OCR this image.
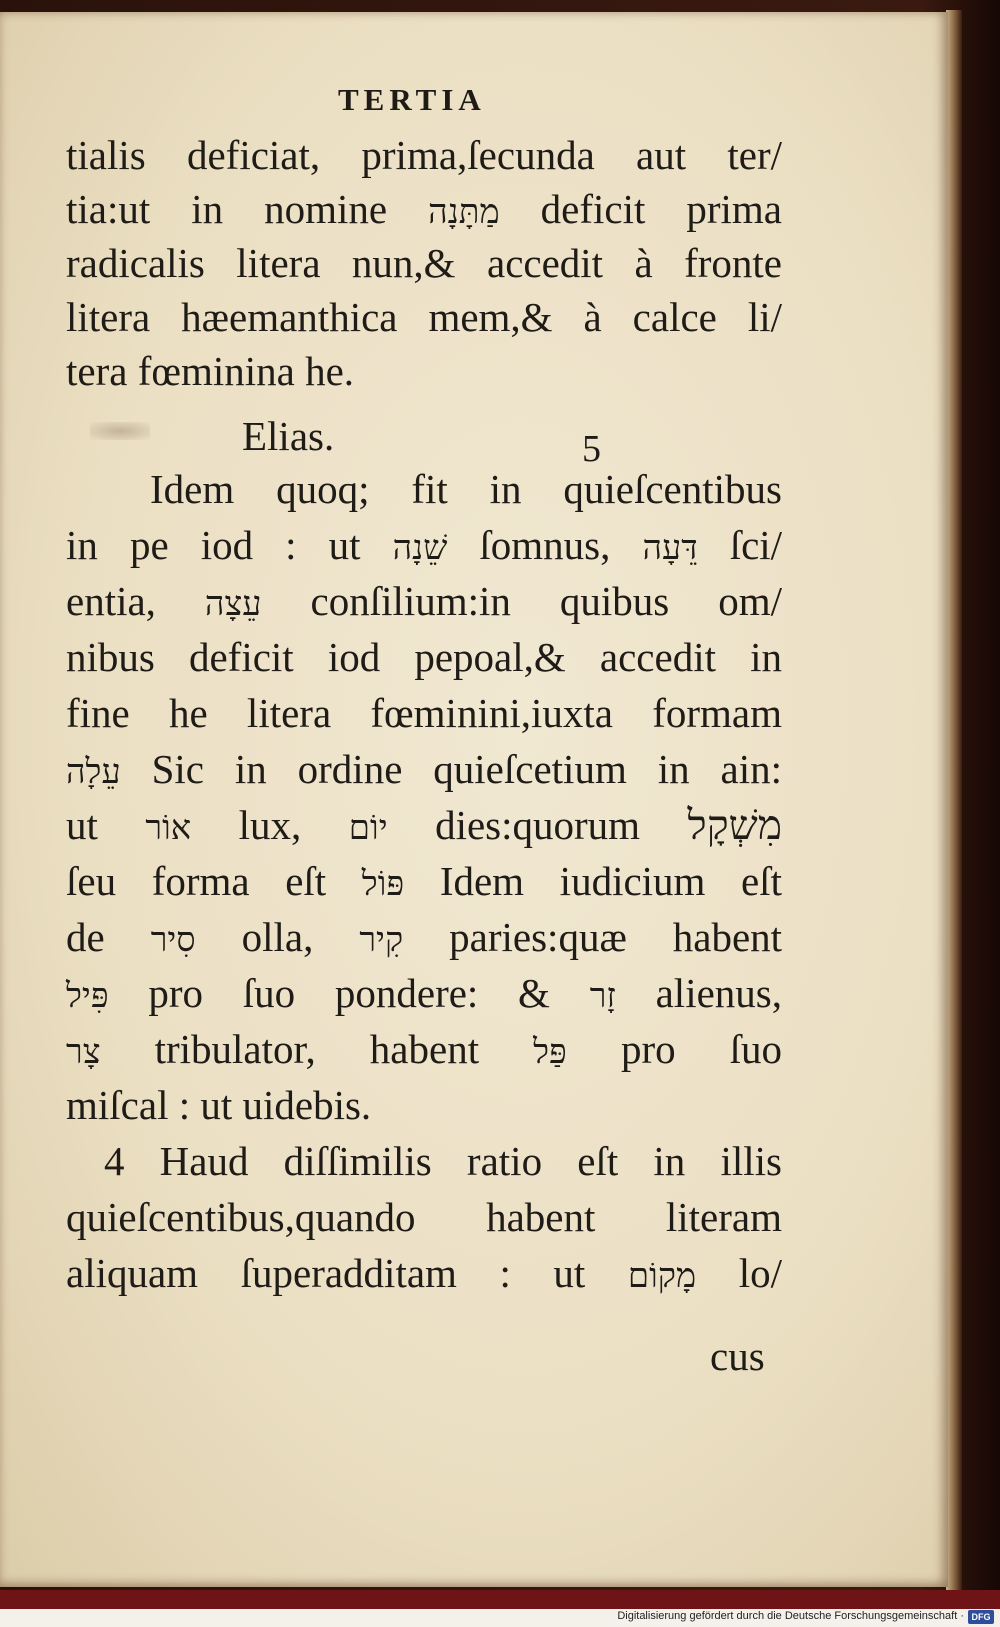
TERTIA
tialis deficiat, prima,ſecunda aut ter/
tia:ut in nomine מַתָּנָה deficit prima
radicalis litera nun,& accedit à fronte
litera hæemanthica mem,& à calce li/
tera fœminina he.
Elias.	5
Idem quoq; fit in quieſcentibus
in pe iod : ut שֵׁנָה ſomnus, דֵּעָה ſci/
entia, עֵצָה conſilium:in quibus om/
nibus deficit iod pepoal,& accedit in
fine he litera fœminini,iuxta formam
עֵלָה Sic in ordine quieſcetium in ain:
ut אוֹר lux, יוֹם dies:quorum מִשְׁקָל
ſeu forma eſt פּוֹל Idem iudicium eſt
de סִיר olla, קִיר paries:quæ habent
פִּיל pro ſuo pondere: & זָר alienus,
צָר tribulator, habent פַּל pro ſuo
miſcal : ut uidebis.
4 Haud diſſimilis ratio eſt in illis
quieſcentibus,quando habent literam
aliquam ſuperadditam : ut מָקוֹם lo/
cus
Digitalisierung gefördert durch die Deutsche Forschungsgemeinschaft · DFG
